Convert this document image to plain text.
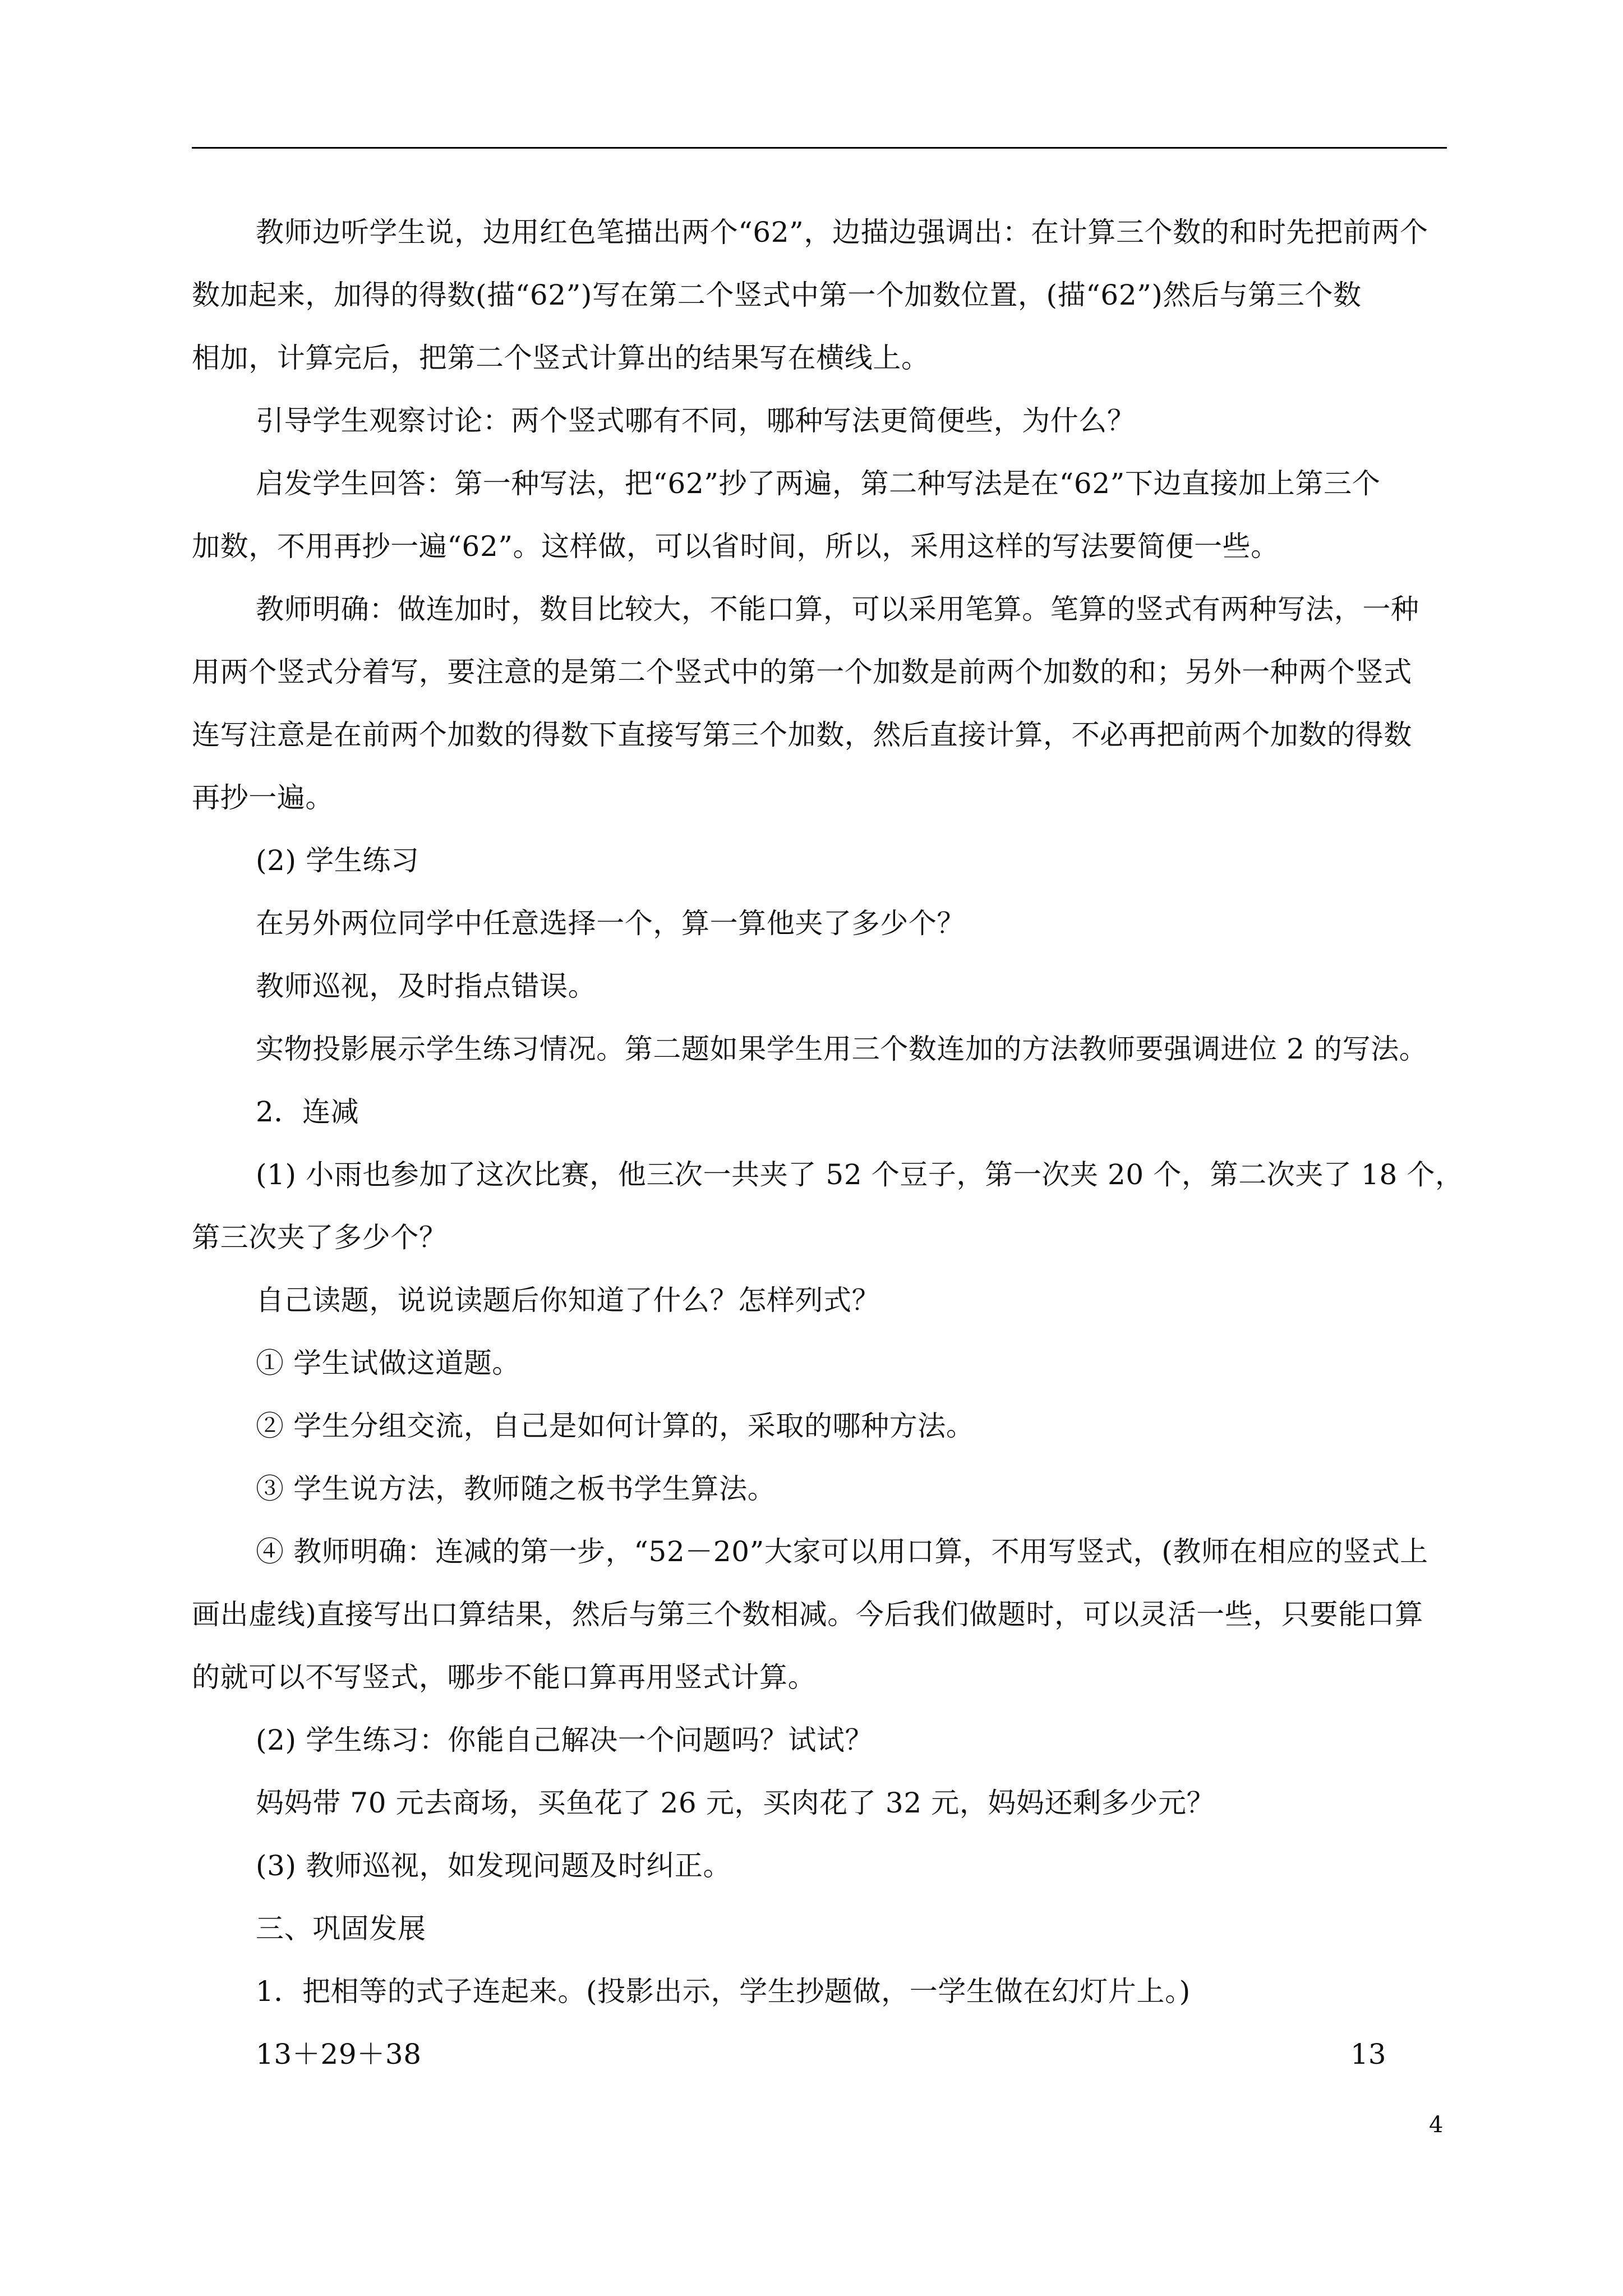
教师边听学生说，边用红色笔描出两个“62”，边描边强调出：在计算三个数的和时先把前两个
数加起来，加得的得数(描“62”)写在第二个竖式中第一个加数位置，(描“62”)然后与第三个数
相加，计算完后，把第二个竖式计算出的结果写在横线上。
引导学生观察讨论：两个竖式哪有不同，哪种写法更简便些，为什么？
启发学生回答：第一种写法，把“62”抄了两遍，第二种写法是在“62”下边直接加上第三个
加数，不用再抄一遍“62”。这样做，可以省时间，所以，采用这样的写法要简便一些。
教师明确：做连加时，数目比较大，不能口算，可以采用笔算。笔算的竖式有两种写法，一种
用两个竖式分着写，要注意的是第二个竖式中的第一个加数是前两个加数的和；另外一种两个竖式
连写注意是在前两个加数的得数下直接写第三个加数，然后直接计算，不必再把前两个加数的得数
再抄一遍。
(2) 学生练习
在另外两位同学中任意选择一个，算一算他夹了多少个？
教师巡视，及时指点错误。
实物投影展示学生练习情况。第二题如果学生用三个数连加的方法教师要强调进位 2 的写法。
2．连减
(1) 小雨也参加了这次比赛，他三次一共夹了 52 个豆子，第一次夹 20 个，第二次夹了 18 个，
第三次夹了多少个？
自己读题，说说读题后你知道了什么？怎样列式？
① 学生试做这道题。
② 学生分组交流，自己是如何计算的，采取的哪种方法。
③ 学生说方法，教师随之板书学生算法。
④ 教师明确：连减的第一步，“52－20”大家可以用口算，不用写竖式，(教师在相应的竖式上
画出虚线)直接写出口算结果，然后与第三个数相减。今后我们做题时，可以灵活一些，只要能口算
的就可以不写竖式，哪步不能口算再用竖式计算。
(2) 学生练习：你能自己解决一个问题吗？试试？
妈妈带 70 元去商场，买鱼花了 26 元，买肉花了 32 元，妈妈还剩多少元？
(3) 教师巡视，如发现问题及时纠正。
三、巩固发展
1．把相等的式子连起来。(投影出示，学生抄题做，一学生做在幻灯片上。)
13＋29＋38	13
4
